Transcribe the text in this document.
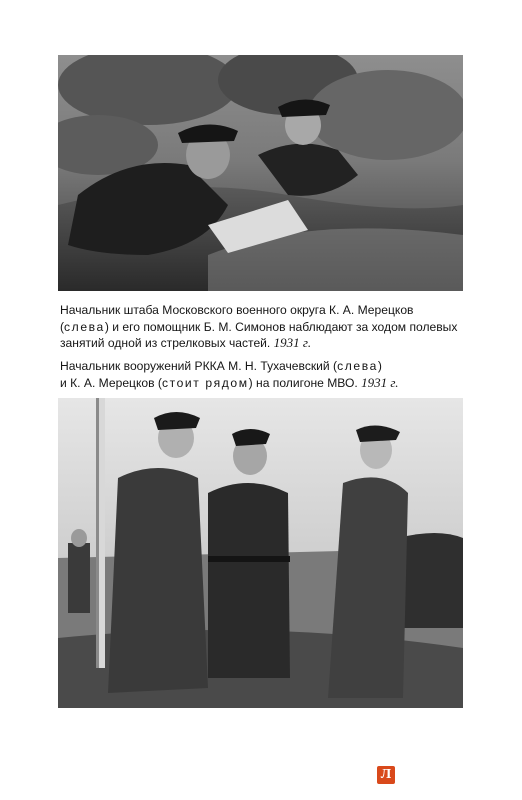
Начальник штаба Московского военного округа К. А. Мерецков
(слева) и его помощник Б. М. Симонов наблюдают за ходом полевых
занятий одной из стрелковых частей. 1931 г.
Начальник вооружений РККА М. Н. Тухачевский (слева)
и К. А. Мерецков (стоит рядом) на полигоне МВО. 1931 г.
Л
